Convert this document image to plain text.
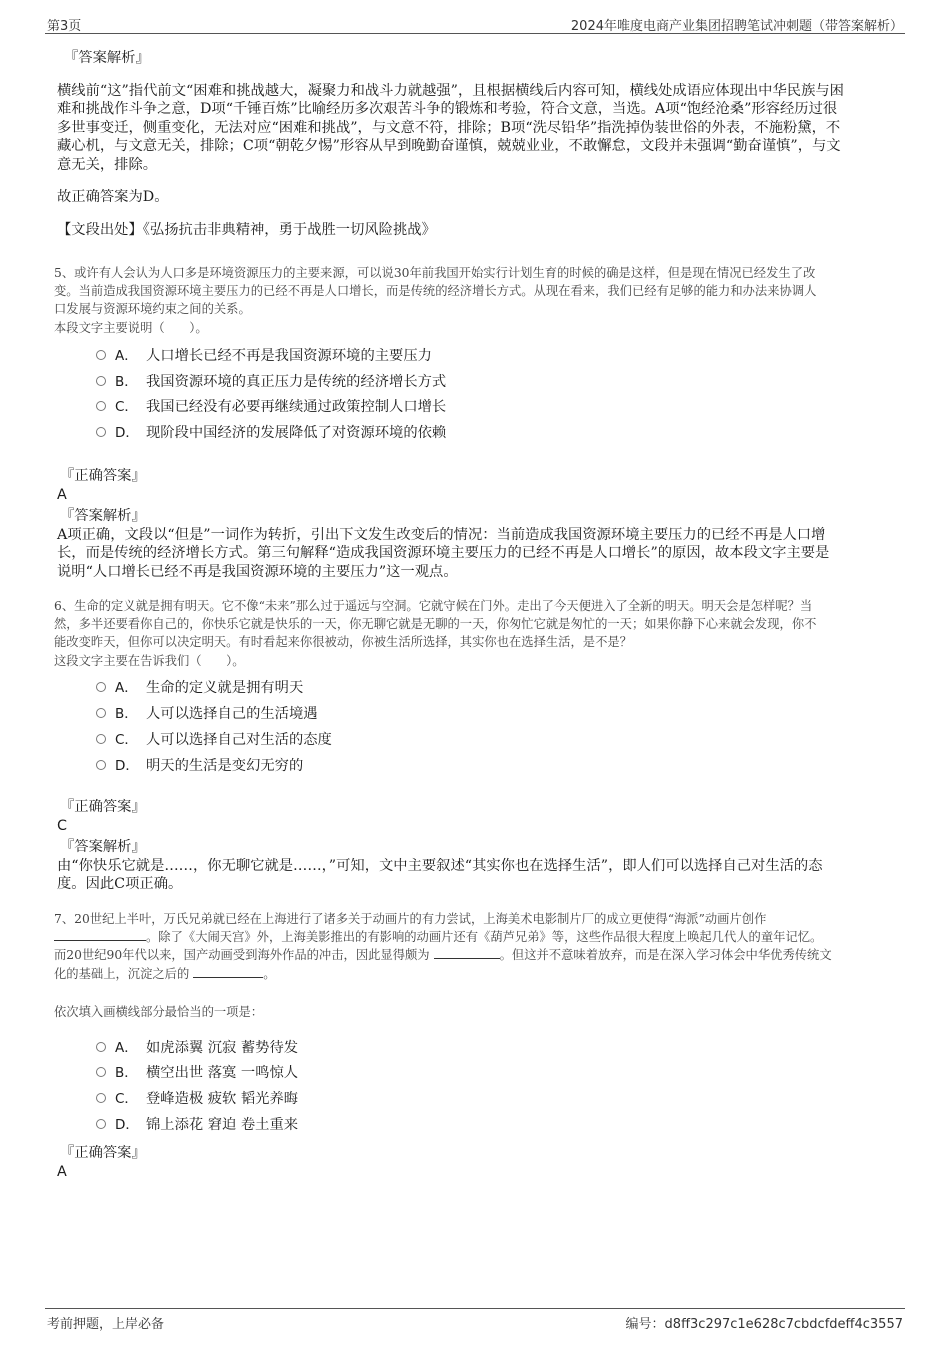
第3页	2024年唯度电商产业集团招聘笔试冲刺题（带答案解析）
『答案解析』
横线前“这”指代前文“困难和挑战越大，凝聚力和战斗力就越强”，且根据横线后内容可知，横线处成语应体现出中华民族与困
难和挑战作斗争之意，D项“千锤百炼”比喻经历多次艰苦斗争的锻炼和考验，符合文意，当选。A项“饱经沧桑”形容经历过很
多世事变迁，侧重变化，无法对应“困难和挑战”，与文意不符，排除；B项“洗尽铅华”指洗掉伪装世俗的外表，不施粉黛，不
藏心机，与文意无关，排除；C项“朝乾夕惕”形容从早到晚勤奋谨慎，兢兢业业，不敢懈怠，文段并未强调“勤奋谨慎”，与文
意无关，排除。
故正确答案为D。
【文段出处】《弘扬抗击非典精神，勇于战胜一切风险挑战》
5、或许有人会认为人口多是环境资源压力的主要来源，可以说30年前我国开始实行计划生育的时候的确是这样，但是现在情况已经发生了改
变。当前造成我国资源环境主要压力的已经不再是人口增长，而是传统的经济增长方式。从现在看来，我们已经有足够的能力和办法来协调人
口发展与资源环境约束之间的关系。
本段文字主要说明（　　）。
A． 人口增长已经不再是我国资源环境的主要压力
B． 我国资源环境的真正压力是传统的经济增长方式
C． 我国已经没有必要再继续通过政策控制人口增长
D． 现阶段中国经济的发展降低了对资源环境的依赖
『正确答案』
A
『答案解析』
A项正确，文段以“但是”一词作为转折，引出下文发生改变后的情况：当前造成我国资源环境主要压力的已经不再是人口增
长，而是传统的经济增长方式。第三句解释“造成我国资源环境主要压力的已经不再是人口增长”的原因，故本段文字主要是
说明“人口增长已经不再是我国资源环境的主要压力”这一观点。
6、生命的定义就是拥有明天。它不像“未来”那么过于遥远与空洞。它就守候在门外。走出了今天便进入了全新的明天。明天会是怎样呢？当
然，多半还要看你自己的，你快乐它就是快乐的一天，你无聊它就是无聊的一天，你匆忙它就是匆忙的一天；如果你静下心来就会发现，你不
能改变昨天，但你可以决定明天。有时看起来你很被动，你被生活所选择，其实你也在选择生活，是不是？
这段文字主要在告诉我们（　　）。
A． 生命的定义就是拥有明天
B． 人可以选择自己的生活境遇
C． 人可以选择自己对生活的态度
D． 明天的生活是变幻无穷的
『正确答案』
C
『答案解析』
由“你快乐它就是……，你无聊它就是……，”可知，文中主要叙述“其实你也在选择生活”，即人们可以选择自己对生活的态
度。因此C项正确。
7、20世纪上半叶，万氏兄弟就已经在上海进行了诸多关于动画片的有力尝试，上海美术电影制片厂的成立更使得“海派”动画片创作
。除了《大闹天宫》外，上海美影推出的有影响的动画片还有《葫芦兄弟》等，这些作品很大程度上唤起几代人的童年记忆。
而20世纪90年代以来，国产动画受到海外作品的冲击，因此显得颇为	。但这并不意味着放弃，而是在深入学习体会中华优秀传统文
化的基础上，沉淀之后的	。
依次填入画横线部分最恰当的一项是：
A． 如虎添翼 沉寂 蓄势待发
B． 横空出世 落寞 一鸣惊人
C． 登峰造极 疲软 韬光养晦
D． 锦上添花 窘迫 卷土重来
『正确答案』
A
考前押题，上岸必备	编号：d8ff3c297c1e628c7cbdcfdeff4c3557
